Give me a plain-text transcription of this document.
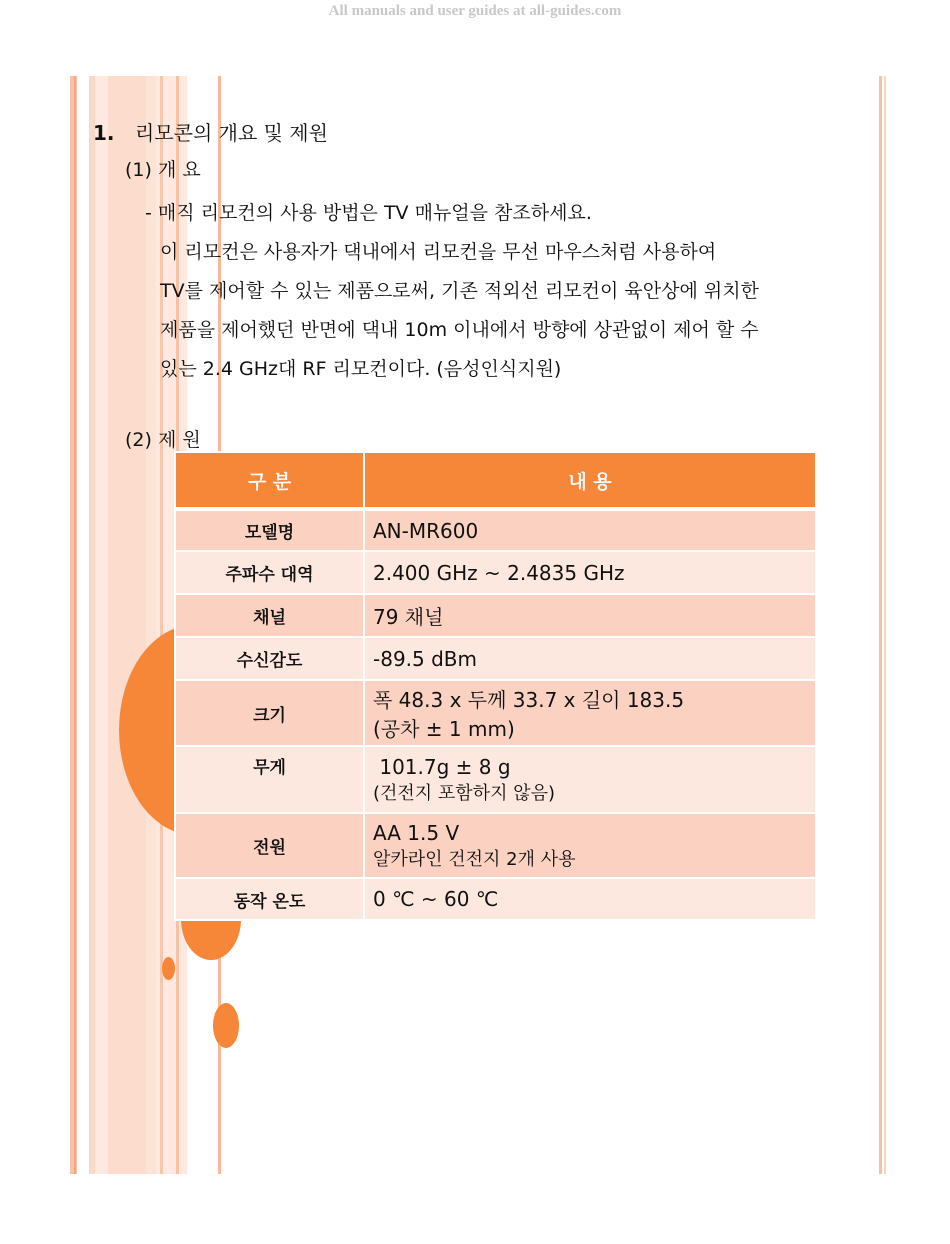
All manuals and user guides at all-guides.com
1. 리모콘의 개요 및 제원
(1) 개 요
- 매직 리모컨의 사용 방법은 TV 매뉴얼을 참조하세요.
이 리모컨은 사용자가 댁내에서 리모컨을 무선 마우스처럼 사용하여
TV를 제어할 수 있는 제품으로써, 기존 적외선 리모컨이 육안상에 위치한
제품을 제어했던 반면에 댁내 10m 이내에서 방향에 상관없이 제어 할 수
있는 2.4 GHz대 RF 리모컨이다. (음성인식지원)
(2) 제 원
구 분	내 용
모델명	AN-MR600

주파수 대역	2.400 GHz ~ 2.4835 GHz

채널	79 채널

수신감도	-89.5 dBm

크기	폭 48.3 x 두께 33.7 x 길이 183.5
(공차 ± 1 mm)

무게	101.7g ± 8 g
(건전지 포함하지 않음)

전원	AA 1.5 V
알카라인 건전지 2개 사용

동작 온도	0 ℃ ~ 60 ℃
